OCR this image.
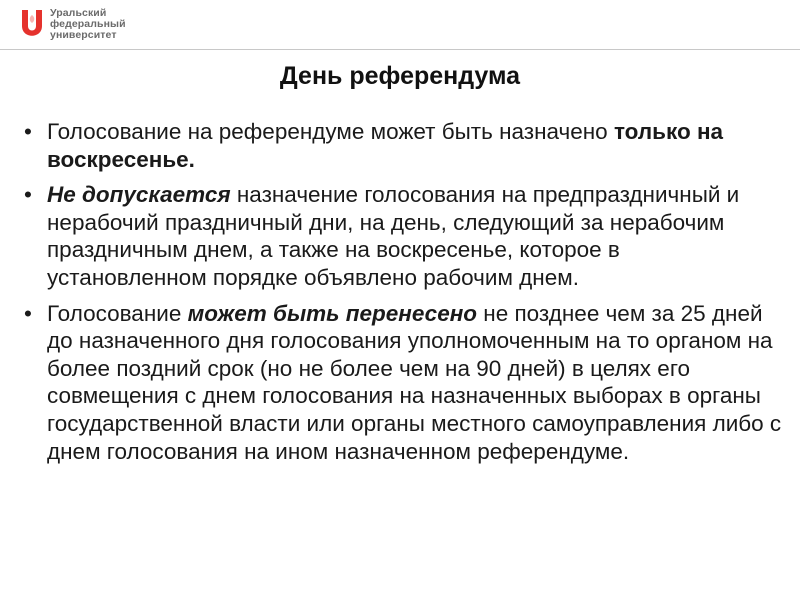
Уральский
федеральный
университет
День референдума
• Голосование на референдуме может быть назначено только на воскресенье.
• Не допускается назначение голосования на предпраздничный и нерабочий праздничный дни, на день, следующий за нерабочим праздничным днем, а также на воскресенье, которое в установленном порядке объявлено рабочим днем.
• Голосование может быть перенесено не позднее чем за 25 дней до назначенного дня голосования уполномоченным на то органом на более поздний срок (но не более чем на 90 дней) в целях его совмещения с днем голосования на назначенных выборах в органы государственной власти или органы местного самоуправления либо с днем голосования на ином назначенном референдуме.
